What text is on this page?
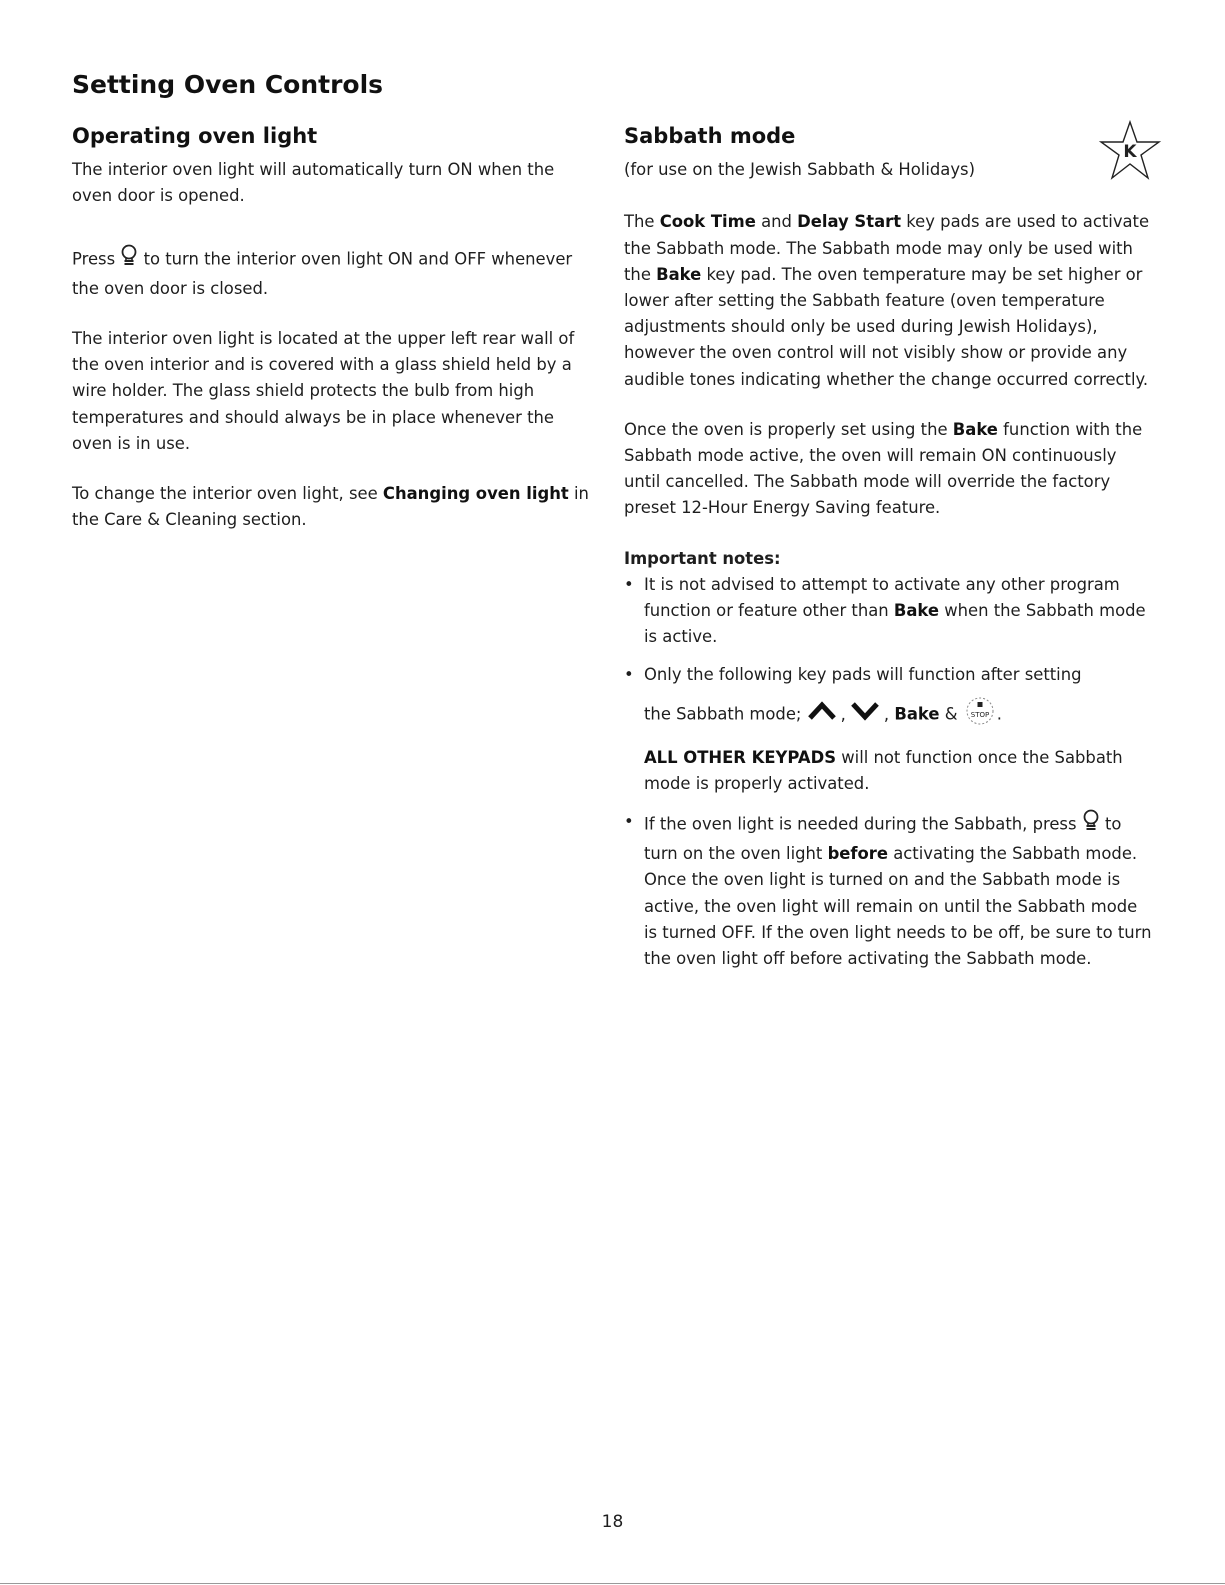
Setting Oven Controls
Operating oven light

The interior oven light will automatically turn ON when the oven door is opened.

Press to turn the interior oven light ON and OFF whenever the oven door is closed.

The interior oven light is located at the upper left rear wall of the oven interior and is covered with a glass shield held by a wire holder. The glass shield protects the bulb from high temperatures and should always be in place whenever the oven is in use.

To change the interior oven light, see Changing oven light in the Care & Cleaning section.

K
Sabbath mode

(for use on the Jewish Sabbath & Holidays)

The Cook Time and Delay Start key pads are used to activate the Sabbath mode. The Sabbath mode may only be used with the Bake key pad. The oven temperature may be set higher or lower after setting the Sabbath feature (oven temperature adjustments should only be used during Jewish Holidays), however the oven control will not visibly show or provide any audible tones indicating whether the change occurred correctly.

Once the oven is properly set using the Bake function with the Sabbath mode active, the oven will remain ON continuously until cancelled. The Sabbath mode will override the factory preset 12-Hour Energy Saving feature.

Important notes:
• It is not advised to attempt to activate any other program function or feature other than Bake when the Sabbath mode is active.
• Only the following key pads will function after setting
the Sabbath mode; , , Bake & STOP .
ALL OTHER KEYPADS will not function once the Sabbath mode is properly activated.
• If the oven light is needed during the Sabbath, press to turn on the oven light before activating the Sabbath mode. Once the oven light is turned on and the Sabbath mode is active, the oven light will remain on until the Sabbath mode is turned OFF. If the oven light needs to be off, be sure to turn the oven light off before activating the Sabbath mode.
18
